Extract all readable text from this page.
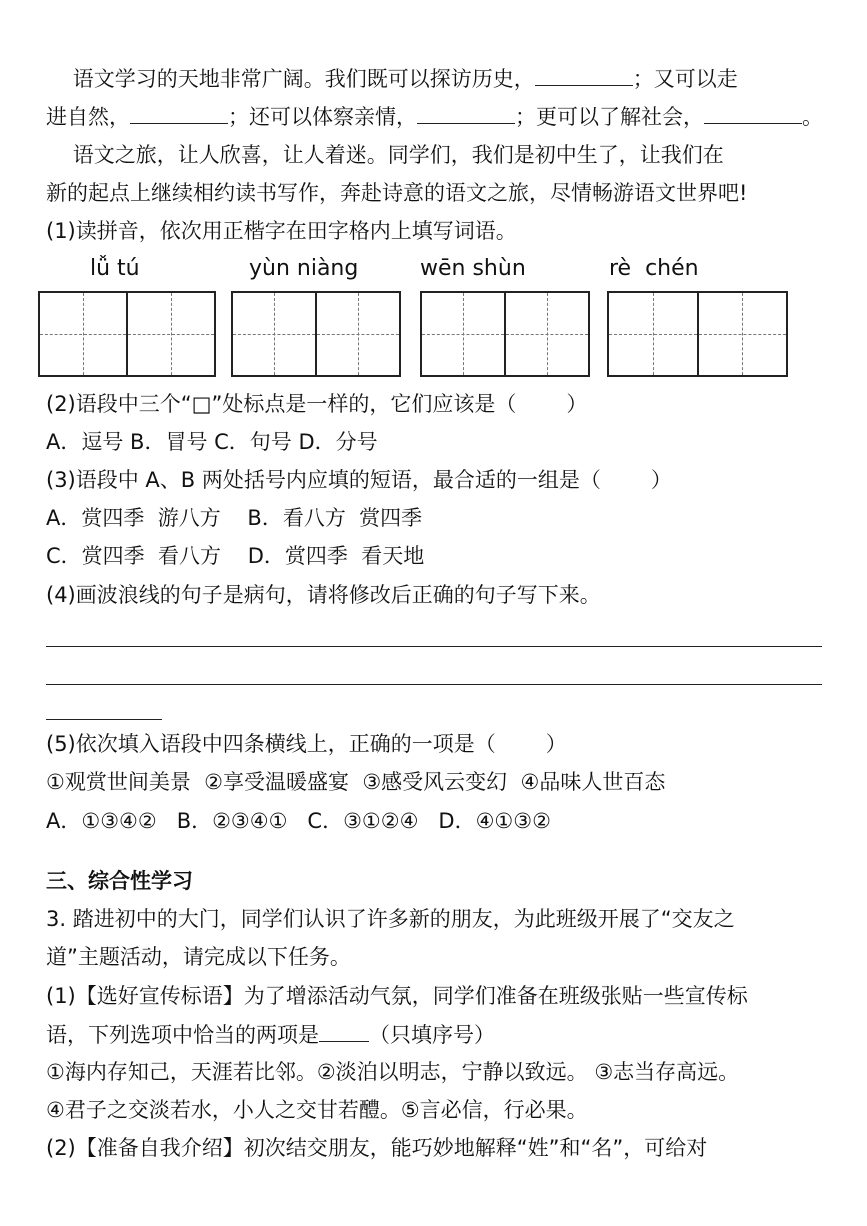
语文学习的天地非常广阔。我们既可以探访历史，	；又可以走
进自然，	；还可以体察亲情，	；更可以了解社会，	。
语文之旅，让人欣喜，让人着迷。同学们，我们是初中生了，让我们在
新的起点上继续相约读书写作，奔赴诗意的语文之旅，尽情畅游语文世界吧!
(1)读拼音，依次用正楷字在田字格内上填写词语。
lǚ tú	yùn niàng	wēn shùn	rè  chén
(2)语段中三个“□”处标点是一样的，它们应该是（ ）
A．逗号 B．冒号 C．句号 D．分号
(3)语段中 A、B 两处括号内应填的短语，最合适的一组是（ ）
A．赏四季  游八方    B．看八方  赏四季
C．赏四季  看八方    D．赏四季  看天地
(4)画波浪线的句子是病句，请将修改后正确的句子写下来。
(5)依次填入语段中四条横线上，正确的一项是（ ）
①观赏世间美景  ②享受温暖盛宴  ③感受风云变幻  ④品味人世百态
A．①③④②   B．②③④①   C．③①②④   D．④①③②
三、综合性学习
3. 踏进初中的大门，同学们认识了许多新的朋友，为此班级开展了“交友之
道”主题活动，请完成以下任务。
(1)【选好宣传标语】为了增添活动气氛，同学们准备在班级张贴一些宣传标
语，下列选项中恰当的两项是 （只填序号）
①海内存知己，天涯若比邻。②淡泊以明志，宁静以致远。 ③志当存高远。
④君子之交淡若水，小人之交甘若醴。⑤言必信，行必果。
(2)【准备自我介绍】初次结交朋友，能巧妙地解释“姓”和“名”，可给对
